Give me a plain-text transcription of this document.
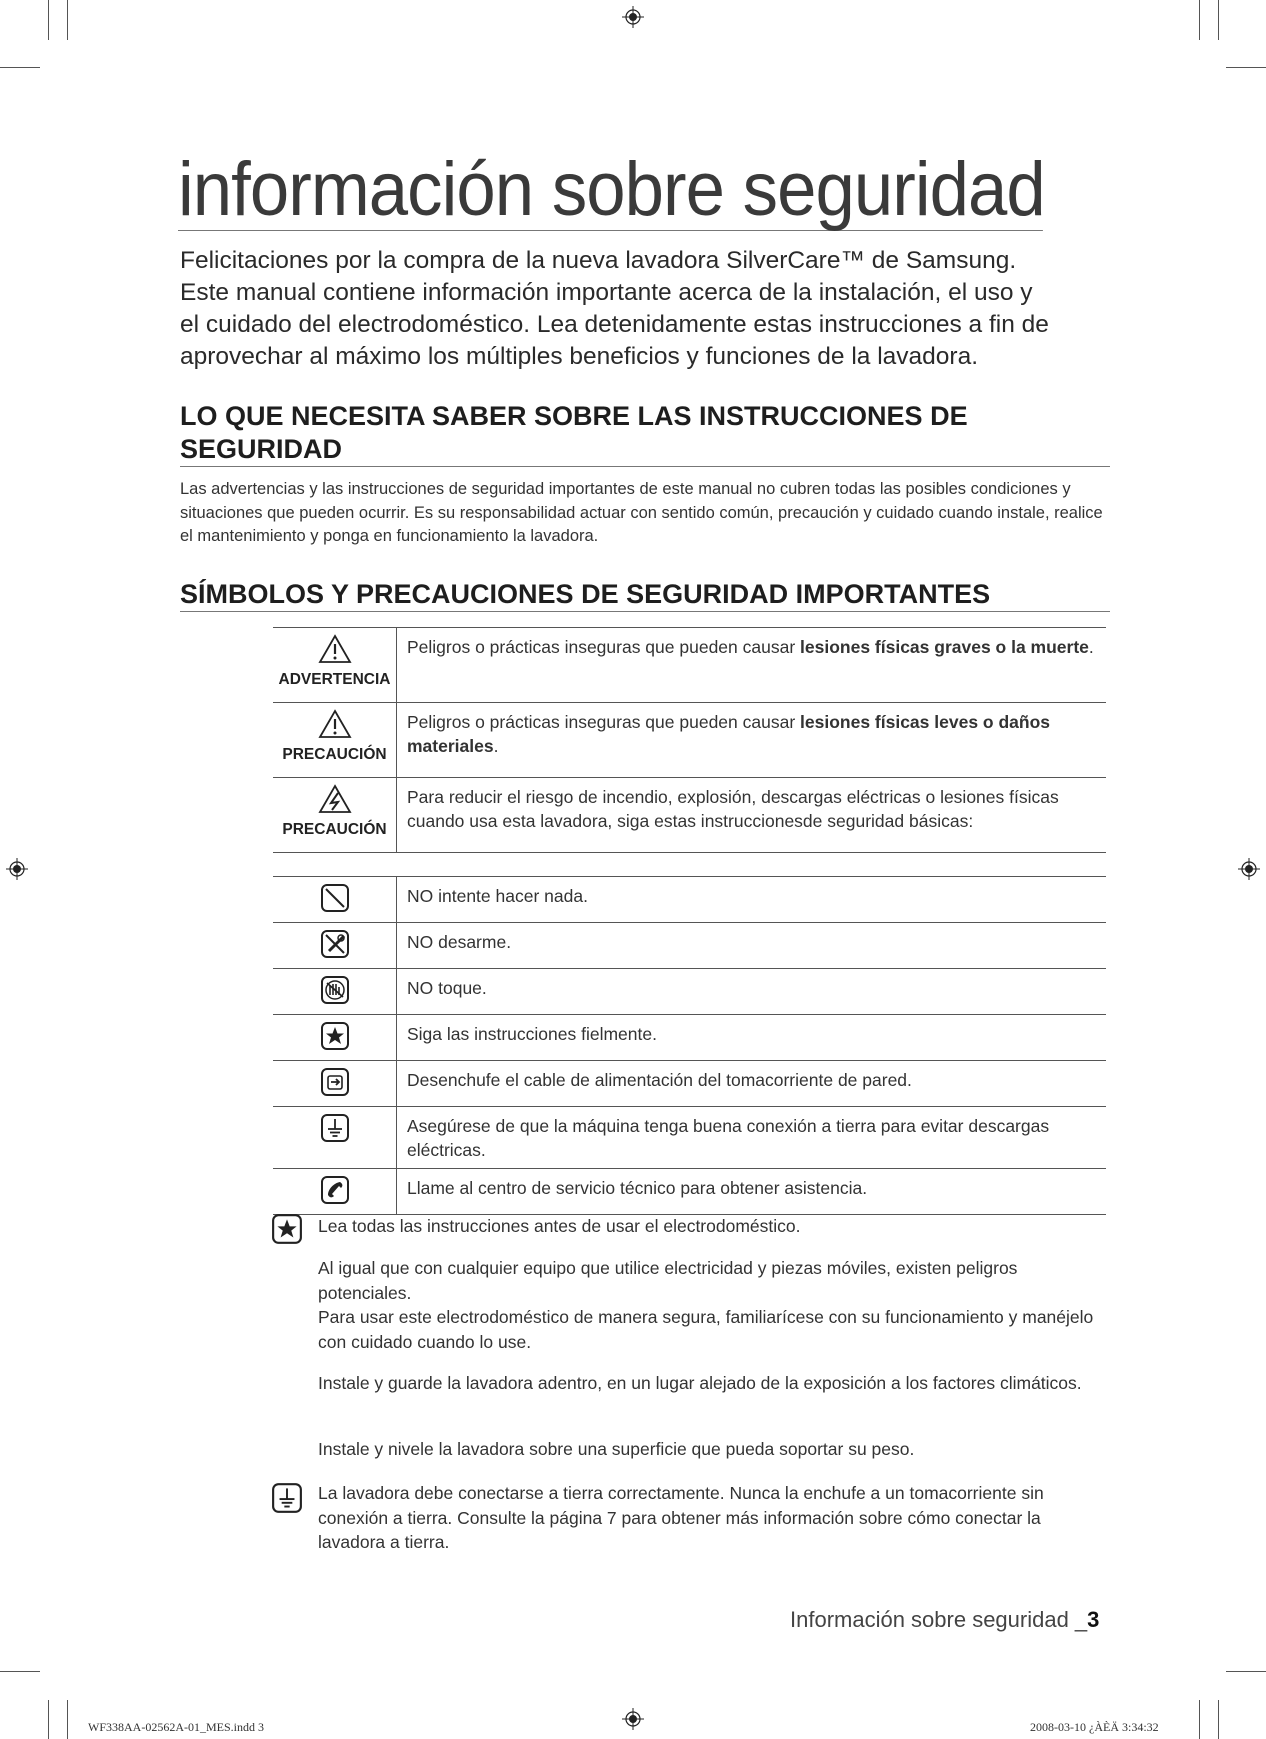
información sobre seguridad

Felicitaciones por la compra de la nueva lavadora SilverCare™ de Samsung.

Este manual contiene información importante acerca de la instalación, el uso y

el cuidado del electrodoméstico. Lea detenidamente estas instrucciones a fin de

aprovechar al máximo los múltiples beneficios y funciones de la lavadora.

LO QUE NECESITA SABER SOBRE LAS INSTRUCCIONES DE SEGURIDAD
Las advertencias y las instrucciones de seguridad importantes de este manual no cubren todas las posibles condiciones y situaciones que pueden ocurrir. Es su responsabilidad actuar con sentido común, precaución y cuidado cuando instale, realice el mantenimiento y ponga en funcionamiento la lavadora.
SÍMBOLOS Y PRECAUCIONES DE SEGURIDAD IMPORTANTES
ADVERTENCIA	Peligros o prácticas inseguras que pueden causar lesiones físicas graves o la muerte.

PRECAUCIÓN	Peligros o prácticas inseguras que pueden causar lesiones físicas leves o daños materiales.

PRECAUCIÓN	Para reducir el riesgo de incendio, explosión, descargas eléctricas o lesiones físicas cuando usa esta lavadora, siga estas instruccionesde seguridad básicas:
	NO intente hacer nada.
	NO desarme.
	NO toque.
	Siga las instrucciones fielmente.
	Desenchufe el cable de alimentación del tomacorriente de pared.
	Asegúrese de que la máquina tenga buena conexión a tierra para evitar descargas eléctricas.
	Llame al centro de servicio técnico para obtener asistencia.
Lea todas las instrucciones antes de usar el electrodoméstico.
Al igual que con cualquier equipo que utilice electricidad y piezas móviles, existen peligros potenciales.
Para usar este electrodoméstico de manera segura, familiarícese con su funcionamiento y manéjelo con cuidado cuando lo use.
Instale y guarde la lavadora adentro, en un lugar alejado de la exposición a los factores climáticos.
Instale y nivele la lavadora sobre una superficie que pueda soportar su peso.
La lavadora debe conectarse a tierra correctamente. Nunca la enchufe a un tomacorriente sin conexión a tierra. Consulte la página 7 para obtener más información sobre cómo conectar la lavadora a tierra.
Información sobre seguridad _3
WF338AA-02562A-01_MES.indd 3	2008-03-10 ¿ÀÈÄ 3:34:32
